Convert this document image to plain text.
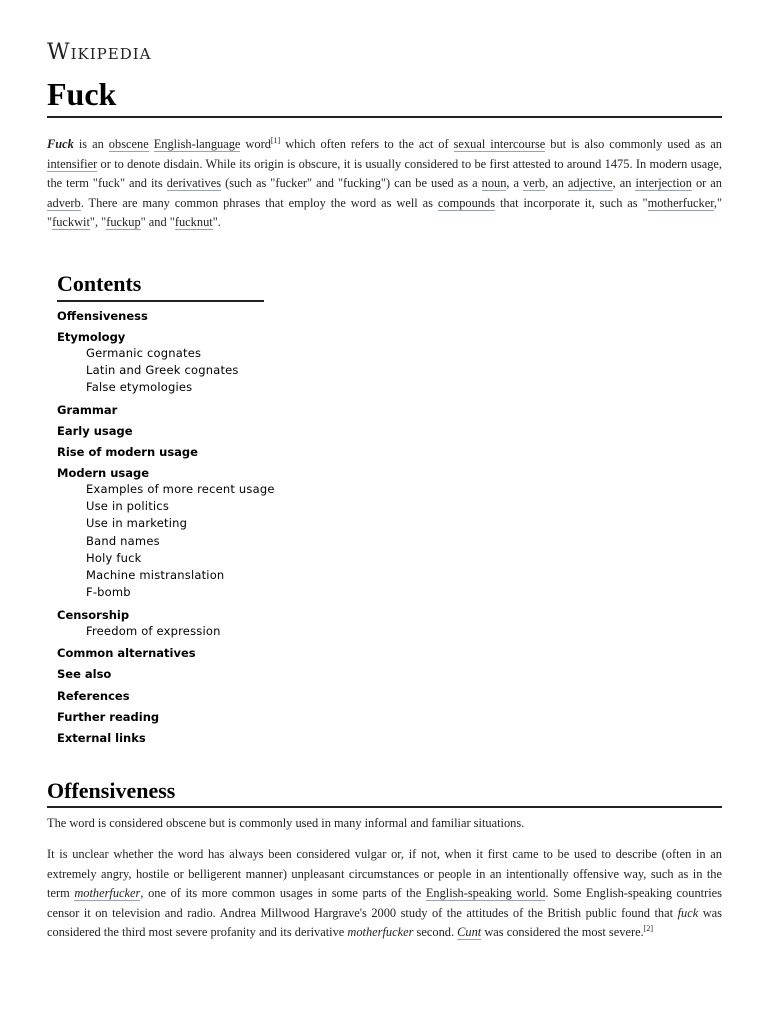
Wikipedia
Fuck

Fuck is an obscene English-language word[1] which often refers to the act of sexual intercourse but is also commonly used as an intensifier or to denote disdain. While its origin is obscure, it is usually considered to be first attested to around 1475. In modern usage, the term "fuck" and its derivatives (such as "fucker" and "fucking") can be used as a noun, a verb, an adjective, an interjection or an adverb. There are many common phrases that employ the word as well as compounds that incorporate it, such as "motherfucker," "fuckwit", "fuckup" and "fucknut".

Contents
Offensiveness
Etymology
Germanic cognates
Latin and Greek cognates
False etymologies
Grammar
Early usage
Rise of modern usage
Modern usage
Examples of more recent usage
Use in politics
Use in marketing
Band names
Holy fuck
Machine mistranslation
F-bomb
Censorship
Freedom of expression
Common alternatives
See also
References
Further reading
External links
Offensiveness

The word is considered obscene but is commonly used in many informal and familiar situations.

It is unclear whether the word has always been considered vulgar or, if not, when it first came to be used to describe (often in an extremely angry, hostile or belligerent manner) unpleasant circumstances or people in an intentionally offensive way, such as in the term motherfucker, one of its more common usages in some parts of the English-speaking world. Some English-speaking countries censor it on television and radio. Andrea Millwood Hargrave's 2000 study of the attitudes of the British public found that fuck was considered the third most severe profanity and its derivative motherfucker second. Cunt was considered the most severe.[2]
